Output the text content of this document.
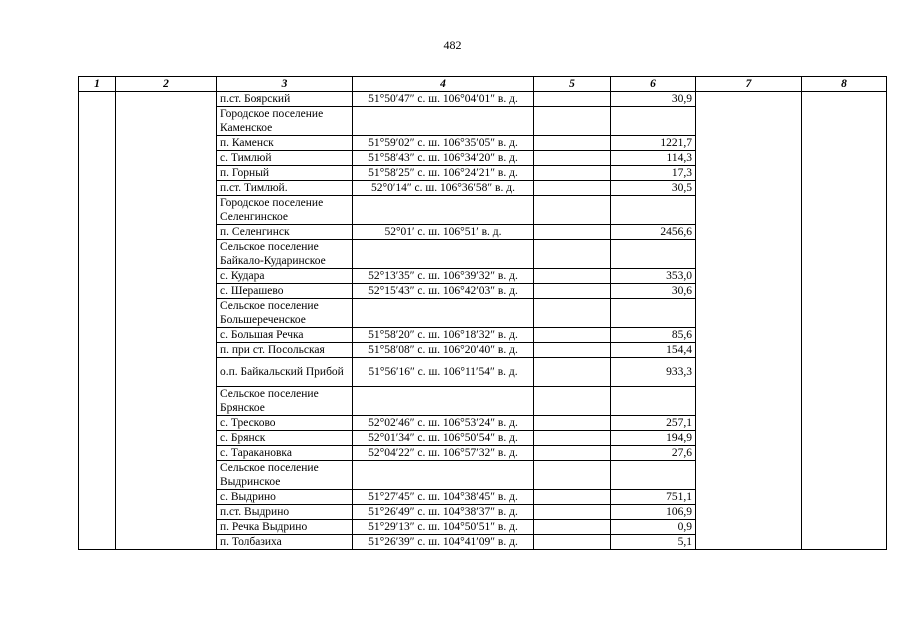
482
1	2	3	4	5	6	7	8
		п.ст. Боярский	51°50′47″ с. ш. 106°04′01″ в. д.		30,9		
		Городское поселение Каменское					
		п. Каменск	51°59′02″ с. ш. 106°35′05″ в. д.		1221,7		
		с. Тимлюй	51°58′43″ с. ш. 106°34′20″ в. д.		114,3		
		п. Горный	51°58′25″ с. ш. 106°24′21″ в. д.		17,3		
		п.ст. Тимлюй.	52°0′14″ с. ш. 106°36′58″ в. д.		30,5		
		Городское поселение Селенгинское					
		п. Селенгинск	52°01′ с. ш. 106°51′ в. д.		2456,6		
		Сельское поселение Байкало-Кударинское					
		с. Кудара	52°13′35″ с. ш. 106°39′32″ в. д.		353,0		
		с. Шерашево	52°15′43″ с. ш. 106°42′03″ в. д.		30,6		
		Сельское поселение Большереченское					
		с. Большая Речка	51°58′20″ с. ш. 106°18′32″ в. д.		85,6		
		п. при ст. Посольская	51°58′08″ с. ш. 106°20′40″ в. д.		154,4		
		о.п. Байкальский Прибой	51°56′16″ с. ш. 106°11′54″ в. д.		933,3		
		Сельское поселение Брянское					
		с. Тресково	52°02′46″ с. ш. 106°53′24″ в. д.		257,1		
		с. Брянск	52°01′34″ с. ш. 106°50′54″ в. д.		194,9		
		с. Таракановка	52°04′22″ с. ш. 106°57′32″ в. д.		27,6		
		Сельское поселение Выдринское					
		с. Выдрино	51°27′45″ с. ш. 104°38′45″ в. д.		751,1		
		п.ст. Выдрино	51°26′49″ с. ш. 104°38′37″ в. д.		106,9		
		п. Речка Выдрино	51°29′13″ с. ш. 104°50′51″ в. д.		0,9		
		п. Толбазиха	51°26′39″ с. ш. 104°41′09″ в. д.		5,1		
